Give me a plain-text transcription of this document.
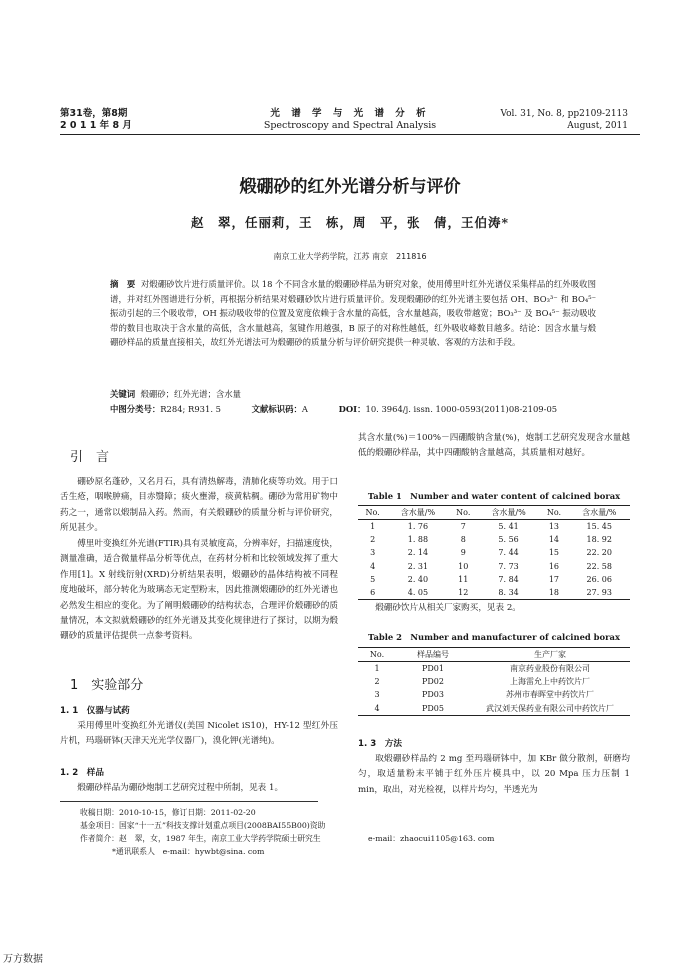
第31卷，第8期
2 0 1 1 年 8 月
光 谱 学 与 光 谱 分 析
Spectroscopy and Spectral Analysis
Vol. 31, No. 8, pp2109-2113
August, 2011
煅硼砂的红外光谱分析与评价
赵　翠，任丽莉，王　栋，周　平，张　倩，王伯涛*
南京工业大学药学院，江苏 南京　211816
摘　要 对煅硼砂饮片进行质量评价。以 18 个不同含水量的煅硼砂样品为研究对象，使用傅里叶红外光谱仪采集样品的红外吸收图谱，并对红外图谱进行分析，再根据分析结果对煅硼砂饮片进行质量评价。发现煅硼砂的红外光谱主要包括 OH、BO₃³⁻ 和 BO₄⁵⁻ 振动引起的三个吸收带，OH 振动吸收带的位置及宽度依赖于含水量的高低，含水量越高，吸收带越宽；BO₃³⁻ 及 BO₄⁵⁻ 振动吸收带的数目也取决于含水量的高低，含水量越高，氢键作用越强，B 原子的对称性越低，红外吸收峰数目越多。结论：因含水量与煅硼砂样品的质量直接相关，故红外光谱法可为煅硼砂的质量分析与评价研究提供一种灵敏、客观的方法和手段。
关键词 煅硼砂；红外光谱；含水量
中图分类号：R284; R931. 5	文献标识码：A	DOI：10. 3964/j. issn. 1000-0593(2011)08-2109-05
引　言
硼砂原名蓬砂，又名月石，具有清热解毒，清肺化痰等功效。用于口舌生疮，咽喉肿痛，目赤翳障；痰火壅滞，痰黄粘稠。硼砂为常用矿物中药之一，通常以煅制品入药。然而，有关煅硼砂的质量分析与评价研究，所见甚少。
傅里叶变换红外光谱(FTIR)具有灵敏度高，分辨率好，扫描速度快，测量准确，适合微量样品分析等优点，在药材分析和比较领域发挥了重大作用[1]。X 射线衍射(XRD)分析结果表明，煅硼砂的晶体结构被不同程度地破坏，部分转化为玻璃态无定型粉末，因此推测煅硼砂的红外光谱也必然发生相应的变化。为了阐明煅硼砂的结构状态，合理评价煅硼砂的质量情况，本文拟就煅硼砂的红外光谱及其变化规律进行了探讨，以期为煅硼砂的质量评估提供一点参考资料。
1　实验部分
1. 1　仪器与试药
采用傅里叶变换红外光谱仪(美国 Nicolet iS10)，HY-12 型红外压片机，玛瑙研钵(天津天光光学仪器厂)，溴化钾(光谱纯)。
1. 2　样品
煅硼砂样品为硼砂炮制工艺研究过程中所制，见表 1。
其含水量(%)＝100%－四硼酸钠含量(%)，炮制工艺研究发现含水量越低的煅硼砂样品，其中四硼酸钠含量越高，其质量相对越好。
Table 1　Number and water content of calcined borax
No.	含水量/%	No.	含水量/%	No.	含水量/%
1	1. 76	7	5. 41	13	15. 45
2	1. 88	8	5. 56	14	18. 92
3	2. 14	9	7. 44	15	22. 20
4	2. 31	10	7. 73	16	22. 58
5	2. 40	11	7. 84	17	26. 06
6	4. 05	12	8. 34	18	27. 93
煅硼砂饮片从相关厂家购买，见表 2。
Table 2　Number and manufacturer of calcined borax
No.	样品编号	生产厂家
1	PD01	南京药业股份有限公司
2	PD02	上海雷允上中药饮片厂
3	PD03	苏州市春晖堂中药饮片厂
4	PD05	武汉刘天保药业有限公司中药饮片厂
1. 3　方法
取煅硼砂样品约 2 mg 至玛瑙研钵中，加 KBr 做分散剂，研磨均匀，取适量粉末平铺于红外压片模具中，以 20 Mpa 压力压制 1 min，取出，对光检视，以样片均匀，半透光为
收稿日期：2010-10-15，修订日期：2011-02-20
基金项目：国家“十一五”科技支撑计划重点项目(2008BAI55B00)资助
作者简介：赵　翠，女，1987 年生，南京工业大学药学院硕士研究生	e-mail：zhaocui1105@163. com
*通讯联系人　e-mail：hywbt@sina. com
万方数据
